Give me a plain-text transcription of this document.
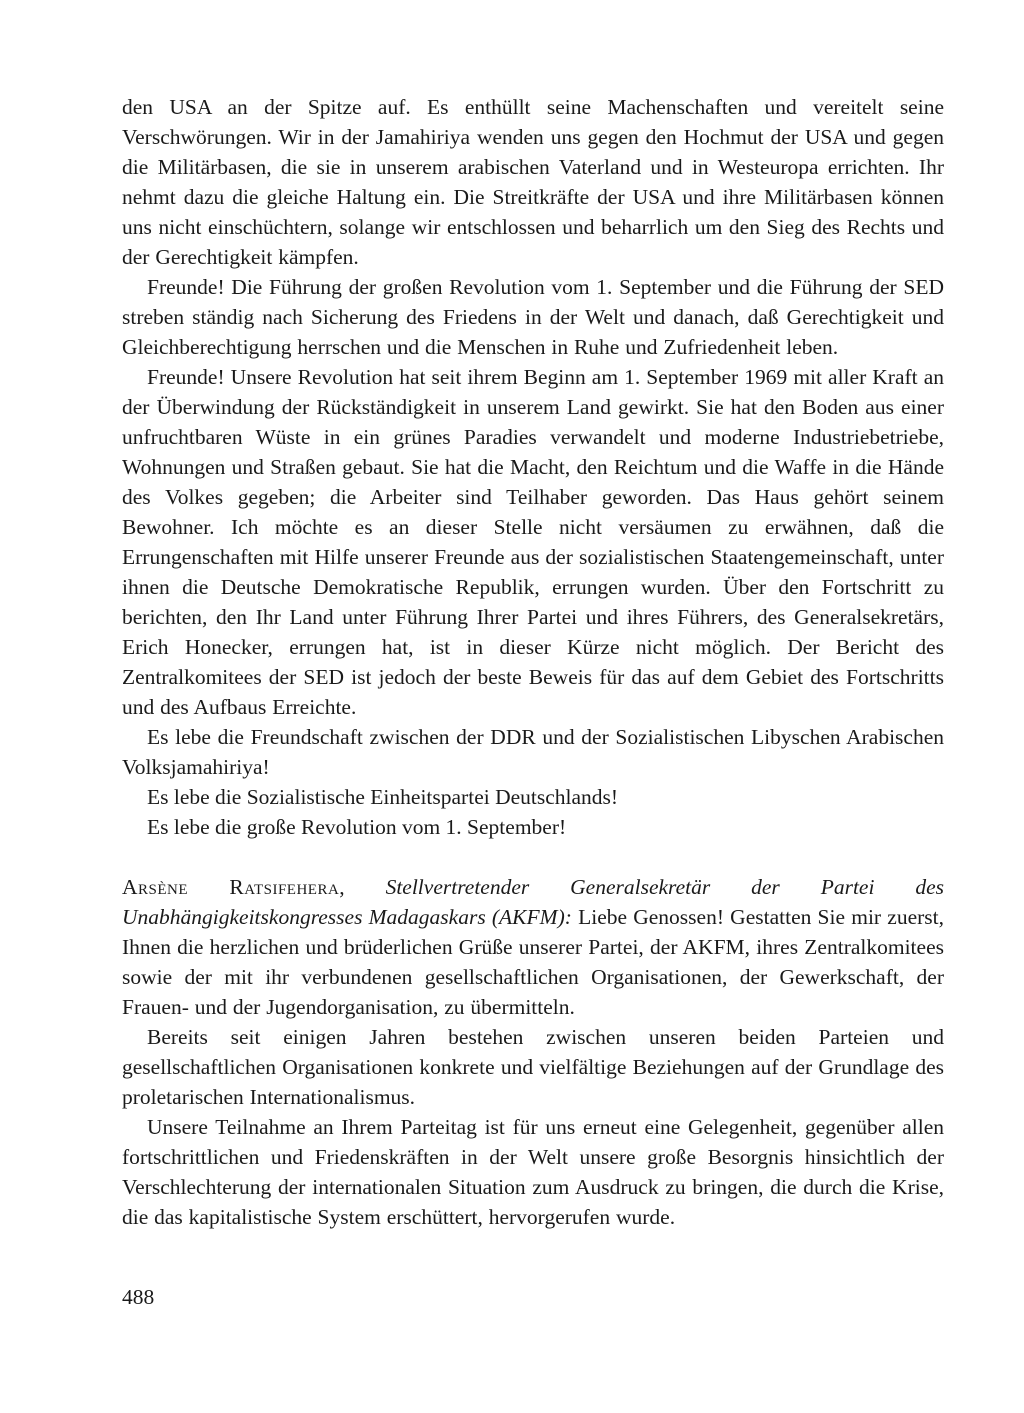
den USA an der Spitze auf. Es enthüllt seine Machenschaften und vereitelt seine Verschwörungen. Wir in der Jamahiriya wenden uns gegen den Hochmut der USA und gegen die Militärbasen, die sie in unserem arabischen Vaterland und in Westeuropa errichten. Ihr nehmt dazu die gleiche Haltung ein. Die Streitkräfte der USA und ihre Militärbasen können uns nicht einschüchtern, solange wir entschlossen und beharrlich um den Sieg des Rechts und der Gerechtigkeit kämpfen.

Freunde! Die Führung der großen Revolution vom 1. September und die Führung der SED streben ständig nach Sicherung des Friedens in der Welt und danach, daß Gerechtigkeit und Gleichberechtigung herrschen und die Menschen in Ruhe und Zufriedenheit leben.

Freunde! Unsere Revolution hat seit ihrem Beginn am 1. September 1969 mit aller Kraft an der Überwindung der Rückständigkeit in unserem Land gewirkt. Sie hat den Boden aus einer unfruchtbaren Wüste in ein grünes Paradies verwandelt und moderne Industriebetriebe, Wohnungen und Straßen gebaut. Sie hat die Macht, den Reichtum und die Waffe in die Hände des Volkes gegeben; die Arbeiter sind Teilhaber geworden. Das Haus gehört seinem Bewohner. Ich möchte es an dieser Stelle nicht versäumen zu erwähnen, daß die Errungenschaften mit Hilfe unserer Freunde aus der sozialistischen Staatengemeinschaft, unter ihnen die Deutsche Demokratische Republik, errungen wurden. Über den Fortschritt zu berichten, den Ihr Land unter Führung Ihrer Partei und ihres Führers, des Generalsekretärs, Erich Honecker, errungen hat, ist in dieser Kürze nicht möglich. Der Bericht des Zentralkomitees der SED ist jedoch der beste Beweis für das auf dem Gebiet des Fortschritts und des Aufbaus Erreichte.

Es lebe die Freundschaft zwischen der DDR und der Sozialistischen Libyschen Arabischen Volksjamahiriya!

Es lebe die Sozialistische Einheitspartei Deutschlands!

Es lebe die große Revolution vom 1. September!

Arsène Ratsifehera, Stellvertretender Generalsekretär der Partei des Unabhängigkeitskongresses Madagaskars (AKFM): Liebe Genossen! Gestatten Sie mir zuerst, Ihnen die herzlichen und brüderlichen Grüße unserer Partei, der AKFM, ihres Zentralkomitees sowie der mit ihr verbundenen gesellschaftlichen Organisationen, der Gewerkschaft, der Frauen- und der Jugendorganisation, zu übermitteln.

Bereits seit einigen Jahren bestehen zwischen unseren beiden Parteien und gesellschaftlichen Organisationen konkrete und vielfältige Beziehungen auf der Grundlage des proletarischen Internationalismus.

Unsere Teilnahme an Ihrem Parteitag ist für uns erneut eine Gelegenheit, gegenüber allen fortschrittlichen und Friedenskräften in der Welt unsere große Besorgnis hinsichtlich der Verschlechterung der internationalen Situation zum Ausdruck zu bringen, die durch die Krise, die das kapitalistische System erschüttert, hervorgerufen wurde.

488
